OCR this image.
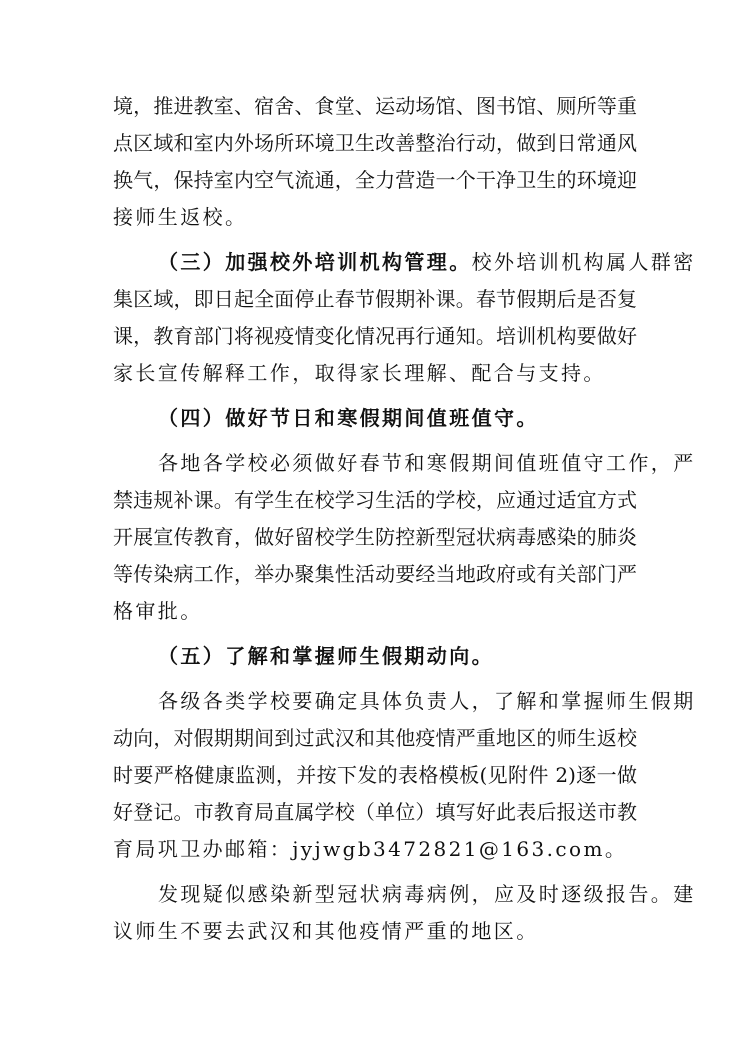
境，推进教室、宿舍、食堂、运动场馆、图书馆、厕所等重
点区域和室内外场所环境卫生改善整治行动，做到日常通风
换气，保持室内空气流通，全力营造一个干净卫生的环境迎
接师生返校。
（三）加强校外培训机构管理。校外培训机构属人群密
集区域，即日起全面停止春节假期补课。春节假期后是否复
课，教育部门将视疫情变化情况再行通知。培训机构要做好
家长宣传解释工作，取得家长理解、配合与支持。
（四）做好节日和寒假期间值班值守。
各地各学校必须做好春节和寒假期间值班值守工作，严
禁违规补课。有学生在校学习生活的学校，应通过适宜方式
开展宣传教育，做好留校学生防控新型冠状病毒感染的肺炎
等传染病工作，举办聚集性活动要经当地政府或有关部门严
格审批。
（五）了解和掌握师生假期动向。
各级各类学校要确定具体负责人，了解和掌握师生假期
动向，对假期期间到过武汉和其他疫情严重地区的师生返校
时要严格健康监测，并按下发的表格模板(见附件 2)逐一做
好登记。市教育局直属学校（单位）填写好此表后报送市教
育局巩卫办邮箱：jyjwgb3472821@163.com。
发现疑似感染新型冠状病毒病例，应及时逐级报告。建
议师生不要去武汉和其他疫情严重的地区。
